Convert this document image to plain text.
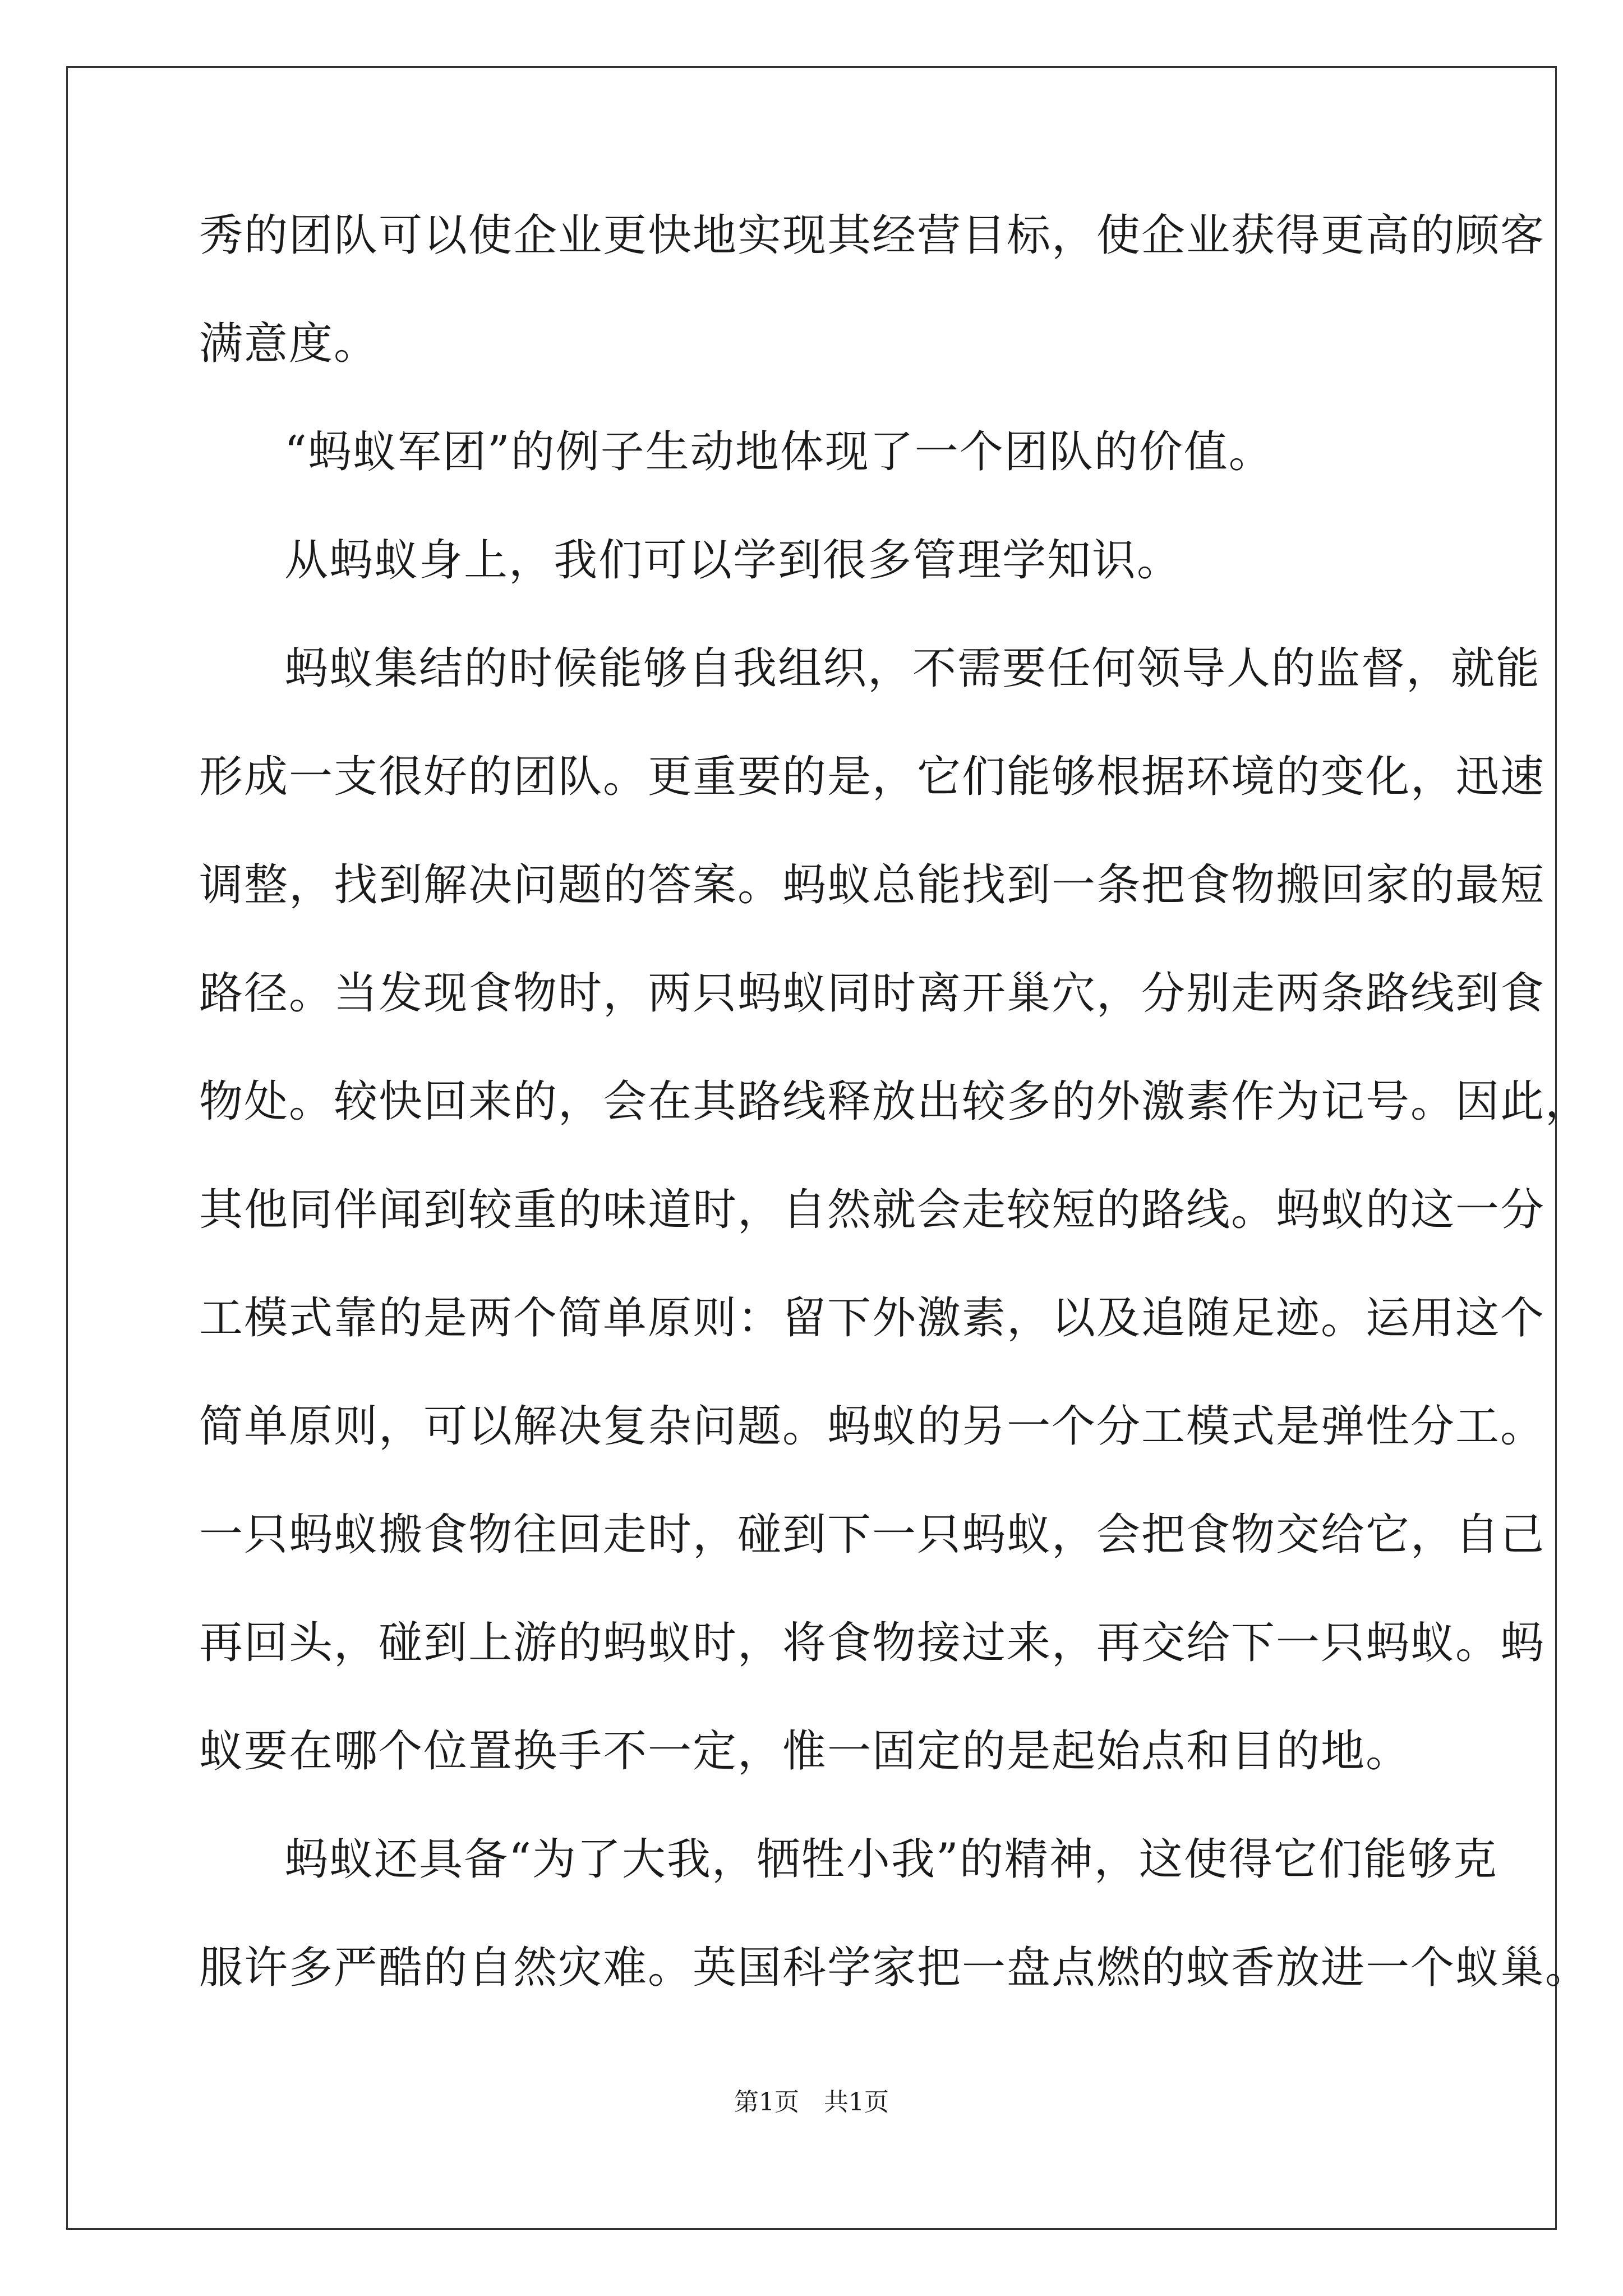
秀的团队可以使企业更快地实现其经营目标，使企业获得更高的顾客
满意度。
“蚂蚁军团”的例子生动地体现了一个团队的价值。
从蚂蚁身上，我们可以学到很多管理学知识。
蚂蚁集结的时候能够自我组织，不需要任何领导人的监督，就能
形成一支很好的团队。更重要的是，它们能够根据环境的变化，迅速
调整，找到解决问题的答案。蚂蚁总能找到一条把食物搬回家的最短
路径。当发现食物时，两只蚂蚁同时离开巢穴，分别走两条路线到食
物处。较快回来的，会在其路线释放出较多的外激素作为记号。因此，
其他同伴闻到较重的味道时，自然就会走较短的路线。蚂蚁的这一分
工模式靠的是两个简单原则：留下外激素，以及追随足迹。运用这个
简单原则，可以解决复杂问题。蚂蚁的另一个分工模式是弹性分工。
一只蚂蚁搬食物往回走时，碰到下一只蚂蚁，会把食物交给它，自己
再回头，碰到上游的蚂蚁时，将食物接过来，再交给下一只蚂蚁。蚂
蚁要在哪个位置换手不一定，惟一固定的是起始点和目的地。
蚂蚁还具备“为了大我，牺牲小我”的精神，这使得它们能够克
服许多严酷的自然灾难。英国科学家把一盘点燃的蚊香放进一个蚁巢。
第1页　共1页
